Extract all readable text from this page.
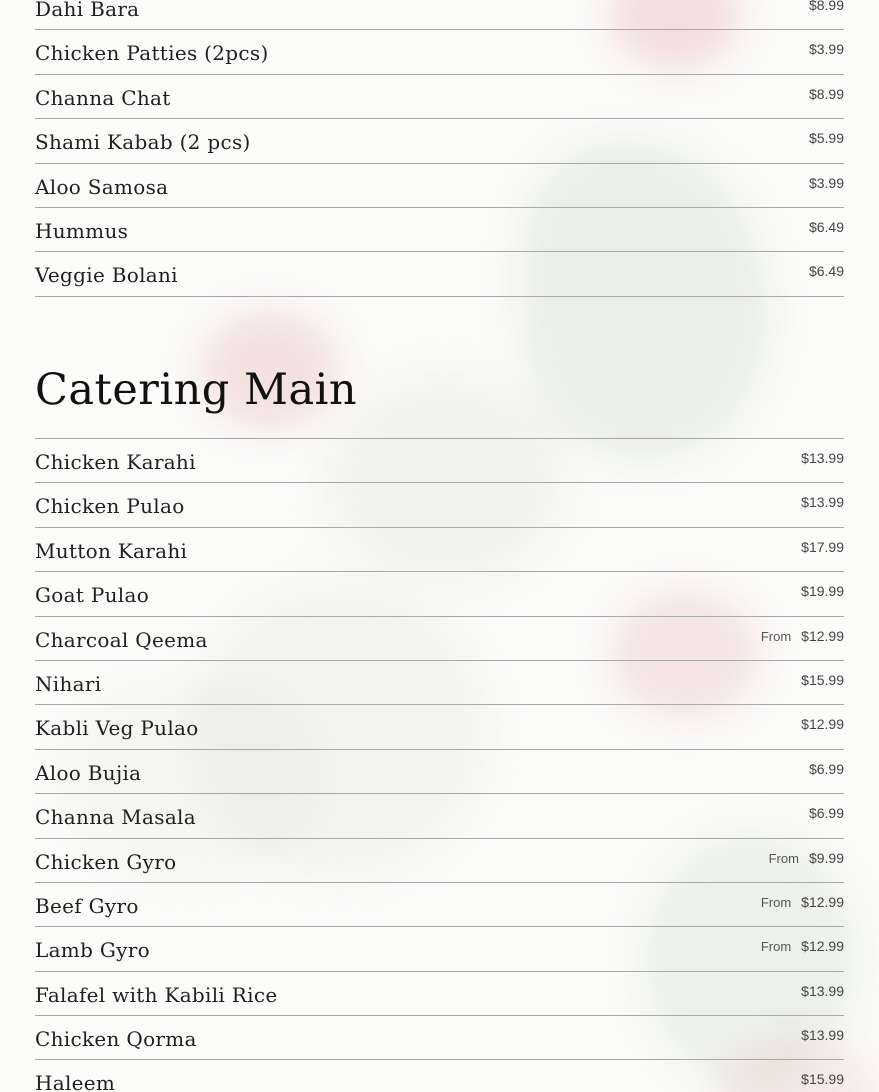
Dahi Bara	$8.99
Chicken Patties (2pcs)	$3.99
Channa Chat	$8.99
Shami Kabab (2 pcs)	$5.99
Aloo Samosa	$3.99
Hummus	$6.49
Veggie Bolani	$6.49
Catering Main
Chicken Karahi	$13.99
Chicken Pulao	$13.99
Mutton Karahi	$17.99
Goat Pulao	$19.99
Charcoal Qeema	From $12.99
Nihari	$15.99
Kabli Veg Pulao	$12.99
Aloo Bujia	$6.99
Channa Masala	$6.99
Chicken Gyro	From $9.99
Beef Gyro	From $12.99
Lamb Gyro	From $12.99
Falafel with Kabili Rice	$13.99
Chicken Qorma	$13.99
Haleem	$15.99
